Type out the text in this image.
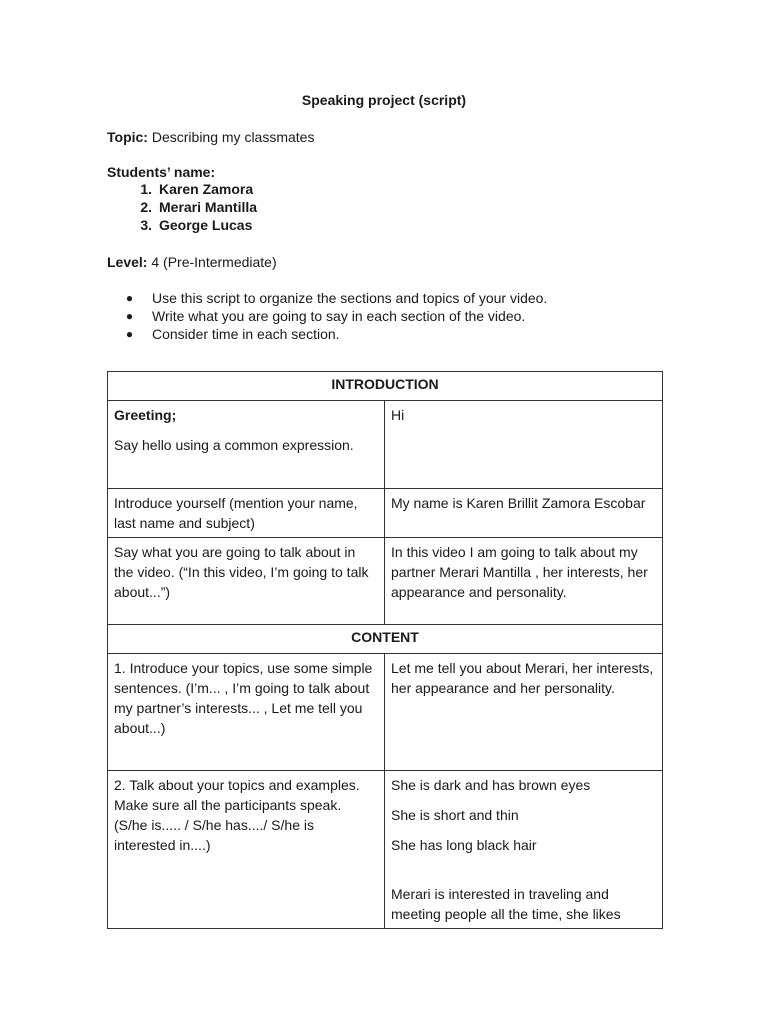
Speaking project (script)
Topic: Describing my classmates
Students’ name:
1. Karen Zamora
2. Merari Mantilla
3. George Lucas
Level: 4 (Pre-Intermediate)
●	Use this script to organize the sections and topics of your video.
●	Write what you are going to say in each section of the video.
●	Consider time in each section.
INTRODUCTION	

Greeting;
Say hello using a common expression.	Hi
Introduce yourself (mention your name, last name and subject)	My name is Karen Brillit Zamora Escobar
Say what you are going to talk about in the video. (“In this video, I’m going to talk about...”)	In this video I am going to talk about my partner Merari Mantilla , her interests, her appearance and personality.
CONTENT	
1. Introduce your topics, use some simple sentences. (I’m... , I’m going to talk about my partner’s interests... , Let me tell you about...)	Let me tell you about Merari, her interests, her appearance and her personality.
2. Talk about your topics and examples. Make sure all the participants speak. (S/he is..... / S/he has..../ S/he is interested in....)	She is dark and has brown eyes

She is short and thin

She has long black hair

Merari is interested in traveling and meeting people all the time, she likes
